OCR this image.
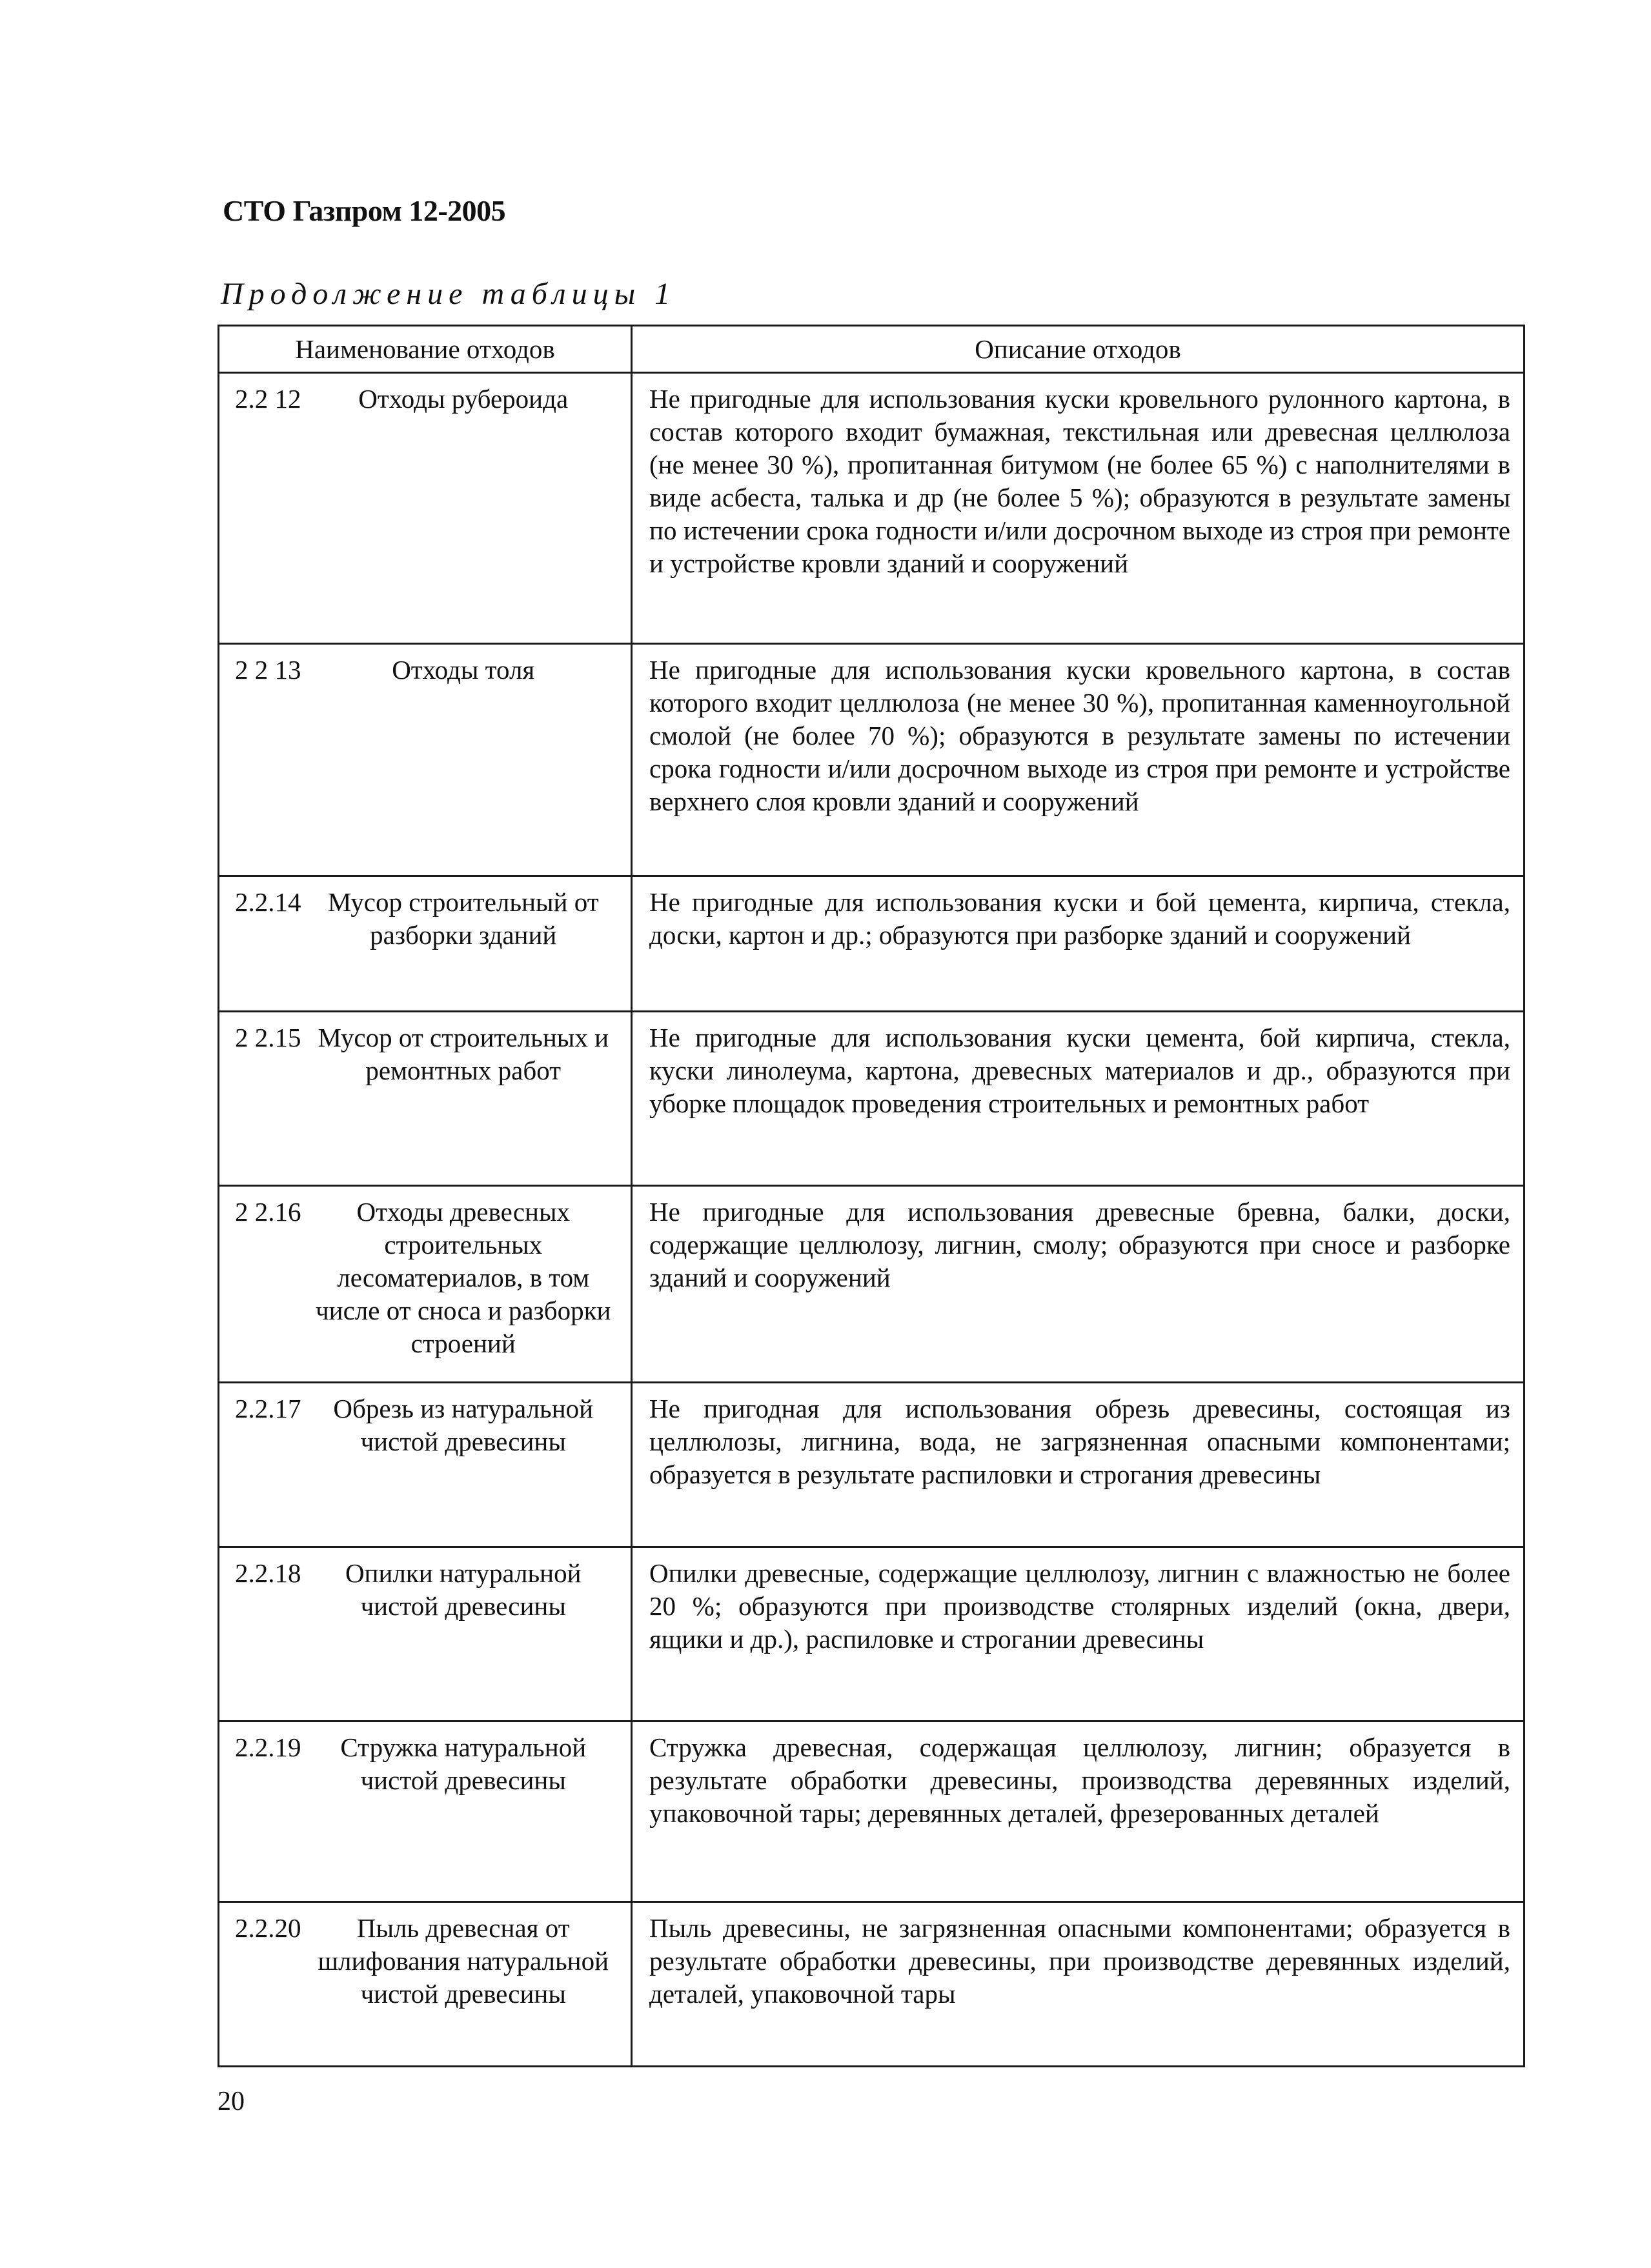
СТО Газпром 12-2005
Продолжение таблицы 1
Наименование отходов	Описание отходов

2.2 12 Отходы рубероида	Не пригодные для использования куски кровельного рулонного картона, в состав которого входит бумажная, текстильная или древесная целлюлоза (не менее 30 %), пропитанная битумом (не более 65 %) с наполнителями в виде асбеста, талька и др (не более 5 %); образуются в результате замены по истечении срока годности и/или досрочном выходе из строя при ремонте и устройстве кровли зданий и сооружений

2 2 13 Отходы толя	Не пригодные для использования куски кровельного картона, в состав которого входит целлюлоза (не менее 30 %), пропитанная каменноугольной смолой (не более 70 %); образуются в результате замены по истечении срока годности и/или досрочном выходе из строя при ремонте и устройстве верхнего слоя кровли зданий и сооружений

2.2.14 Мусор строительный от разборки зданий	Не пригодные для использования куски и бой цемента, кирпича, стекла, доски, картон и др.; образуются при разборке зданий и сооружений

2 2.15 Мусор от строительных и ремонтных работ	Не пригодные для использования куски цемента, бой кирпича, стекла, куски линолеума, картона, древесных материалов и др., образуются при уборке площадок проведения строительных и ремонтных работ

2 2.16 Отходы древесных строительных лесоматериалов, в том числе от сноса и разборки строений	Не пригодные для использования древесные бревна, балки, доски, содержащие целлюлозу, лигнин, смолу; образуются при сносе и разборке зданий и сооружений

2.2.17 Обрезь из натуральной чистой древесины	Не пригодная для использования обрезь древесины, состоящая из целлюлозы, лигнина, вода, не загрязненная опасными компонентами; образуется в результате распиловки и строгания древесины

2.2.18 Опилки натуральной чистой древесины	Опилки древесные, содержащие целлюлозу, лигнин с влажностью не более 20 %; образуются при производстве столярных изделий (окна, двери, ящики и др.), распиловке и строгании древесины

2.2.19 Стружка натуральной чистой древесины	Стружка древесная, содержащая целлюлозу, лигнин; образуется в результате обработки древесины, производства деревянных изделий, упаковочной тары; деревянных деталей, фрезерованных деталей

2.2.20 Пыль древесная от шлифования натуральной чистой древесины	Пыль древесины, не загрязненная опасными компонентами; образуется в результате обработки древесины, при производстве деревянных изделий, деталей, упаковочной тары
20
